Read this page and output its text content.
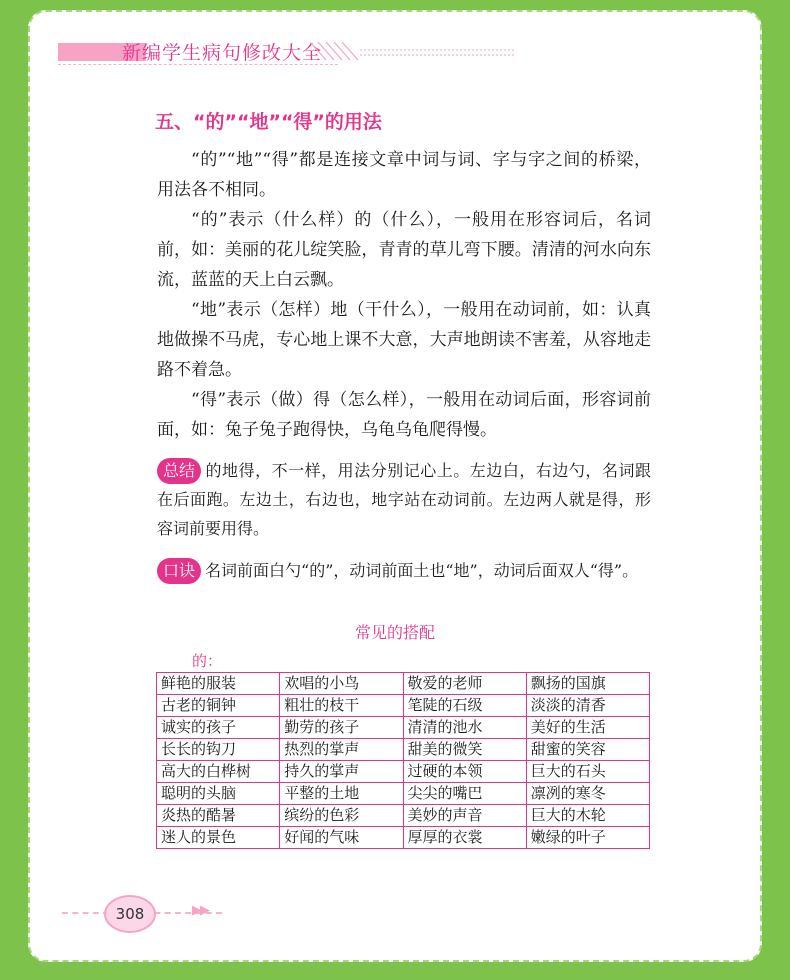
新编学生病句修改大全
五、“的”“地”“得”的用法

“的”“地”“得”都是连接文章中词与词、字与字之间的桥梁，用法各不相同。

“的”表示（什么样）的（什么），一般用在形容词后，名词前，如：美丽的花儿绽笑脸，青青的草儿弯下腰。清清的河水向东流，蓝蓝的天上白云飘。

“地”表示（怎样）地（干什么），一般用在动词前，如：认真地做操不马虎，专心地上课不大意，大声地朗读不害羞，从容地走路不着急。

“得”表示（做）得（怎么样），一般用在动词后面，形容词前面，如：兔子兔子跑得快，乌龟乌龟爬得慢。

总结 的地得，不一样，用法分别记心上。左边白，右边勺，名词跟在后面跑。左边土，右边也，地字站在动词前。左边两人就是得，形容词前要用得。

口诀 名词前面白勺“的”，动词前面土也“地”，动词后面双人“得”。

常见的搭配
的：
鲜艳的服装	欢唱的小鸟	敬爱的老师	飘扬的国旗
古老的铜钟	粗壮的枝干	笔陡的石级	淡淡的清香
诚实的孩子	勤劳的孩子	清清的池水	美好的生活
长长的钩刀	热烈的掌声	甜美的微笑	甜蜜的笑容
高大的白桦树	持久的掌声	过硬的本领	巨大的石头
聪明的头脑	平整的土地	尖尖的嘴巴	凛冽的寒冬
炎热的酷暑	缤纷的色彩	美妙的声音	巨大的木轮
迷人的景色	好闻的气味	厚厚的衣裳	嫩绿的叶子
308	▶▶
